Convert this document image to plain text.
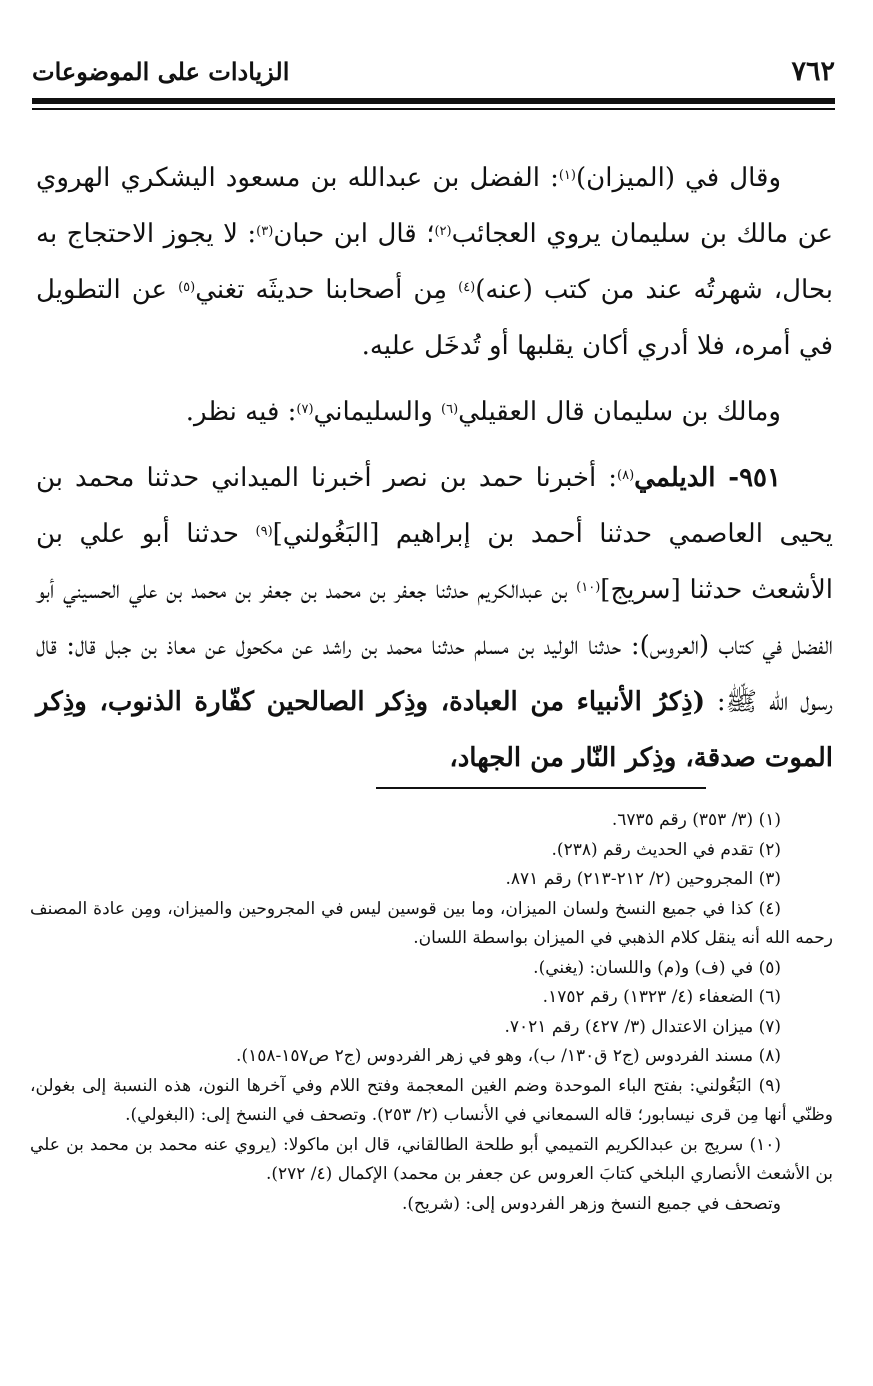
٧٦٢
الزيادات على الموضوعات

وقال في (الميزان)$^{(١)}$: الفضل بن عبدالله بن مسعود اليشكري الهروي عن مالك بن سليمان يروي العجائب$^{(٢)}$؛ قال ابن حبان$^{(٣)}$: لا يجوز الاحتجاج به بحال، شهرتُه عند من كتب (عنه)$^{(٤)}$ مِن أصحابنا حديثَه تغني$^{(٥)}$ عن التطويل في أمره، فلا أدري أكان يقلبها أو تُدخَل عليه.

ومالك بن سليمان قال العقيلي$^{(٦)}$ والسليماني$^{(٧)}$: فيه نظر.

٩٥١- الديلمي$^{(٨)}$: أخبرنا حمد بن نصر أخبرنا الميداني حدثنا محمد بن يحيى العاصمي حدثنا أحمد بن إبراهيم [البَغُولني]$^{(٩)}$ حدثنا أبو علي بن الأشعث حدثنا [سريج]$^{(١٠)}$ بن عبدالكريم حدثنا جعفر بن محمد بن جعفر بن محمد بن علي الحسيني أبو الفضل في كتاب (العروس): حدثنا الوليد بن مسلم حدثنا محمد بن راشد عن مكحول عن معاذ بن جبل قال: قال رسول الله ﷺ: (ذِكرُ الأنبياء من العبادة، وذِكر الصالحين كفّارة الذنوب، وذِكر الموت صدقة، وذِكر النّار من الجهاد،

(١) (٣/ ٣٥٣) رقم ٦٧٣٥.

(٢) تقدم في الحديث رقم (٢٣٨).

(٣) المجروحين (٢/ ٢١٢-٢١٣) رقم ٨٧١.

(٤) كذا في جميع النسخ ولسان الميزان، وما بين قوسين ليس في المجروحين والميزان، ومِن عادة المصنف رحمه الله أنه ينقل كلام الذهبي في الميزان بواسطة اللسان.

(٥) في (ف) و(م) واللسان: (يغني).

(٦) الضعفاء (٤/ ١٣٢٣) رقم ١٧٥٢.

(٧) ميزان الاعتدال (٣/ ٤٢٧) رقم ٧٠٢١.

(٨) مسند الفردوس (ج٢ ق١٣٠/ ب)، وهو في زهر الفردوس (ج٢ ص١٥٧-١٥٨).

(٩) البَغُولني: بفتح الباء الموحدة وضم الغين المعجمة وفتح اللام وفي آخرها النون، هذه النسبة إلى بغولن، وظنّي أنها مِن قرى نيسابور؛ قاله السمعاني في الأنساب (٢/ ٢٥٣). وتصحف في النسخ إلى: (البغولي).

(١٠) سريج بن عبدالكريم التميمي أبو طلحة الطالقاني، قال ابن ماكولا: (يروي عنه محمد بن محمد بن علي بن الأشعث الأنصاري البلخي كتابَ العروس عن جعفر بن محمد) الإكمال (٤/ ٢٧٢).

وتصحف في جميع النسخ وزهر الفردوس إلى: (شريح).
